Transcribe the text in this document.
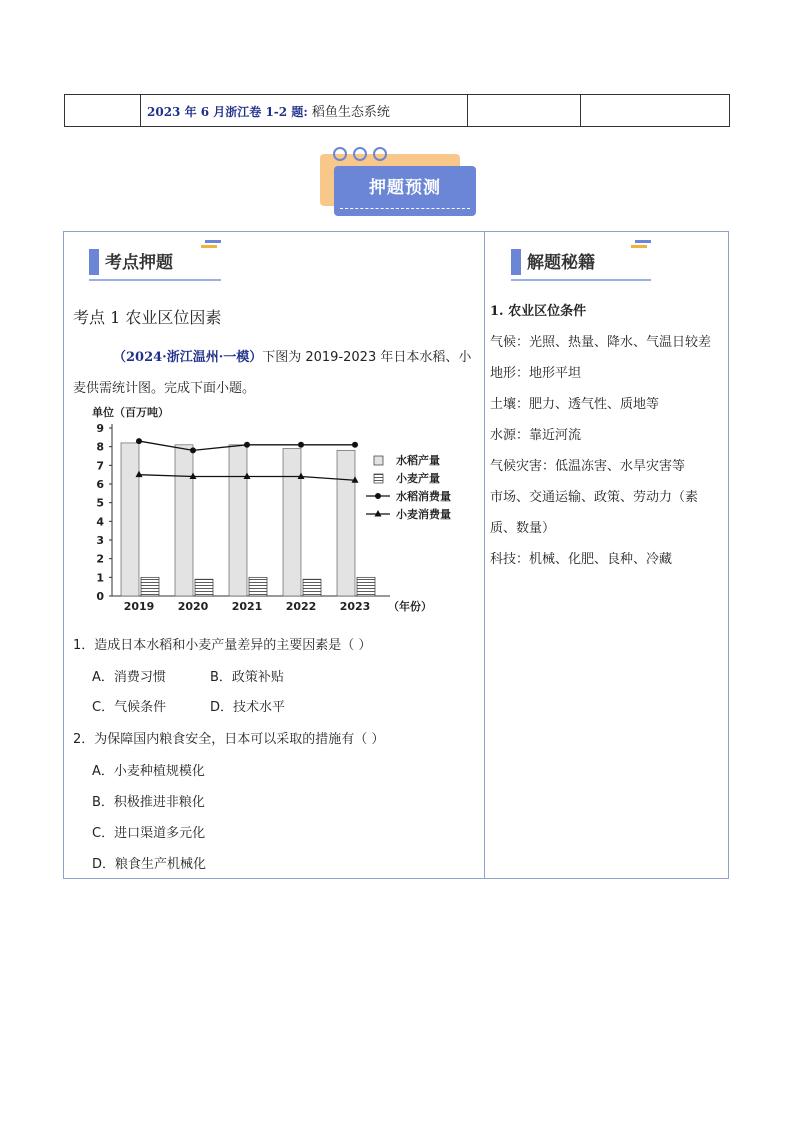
	2023 年 6 月浙江卷 1-2 题: 稻鱼生态系统		
押题预测
考点押题	解题秘籍
考点 1 农业区位因素
（2024·浙江温州·一模）下图为 2019-2023 年日本水稻、小麦供需统计图。完成下面小题。
单位（百万吨）
0
1
2
3
4
5
6
7
8
9
2019 2020 2021 2022 2023 （年份）
水稻产量
小麦产量
水稻消费量
小麦消费量
1．造成日本水稻和小麦产量差异的主要因素是（ ）
A．消费习惯	B．政策补贴
C．气候条件	D．技术水平
2．为保障国内粮食安全，日本可以采取的措施有（ ）
A．小麦种植规模化
B．积极推进非粮化
C．进口渠道多元化
D．粮食生产机械化
1. 农业区位条件
气候：光照、热量、降水、气温日较差
地形：地形平坦
土壤：肥力、透气性、质地等
水源：靠近河流
气候灾害：低温冻害、水旱灾害等
市场、交通运输、政策、劳动力（素质、数量）
科技：机械、化肥、良种、冷藏
